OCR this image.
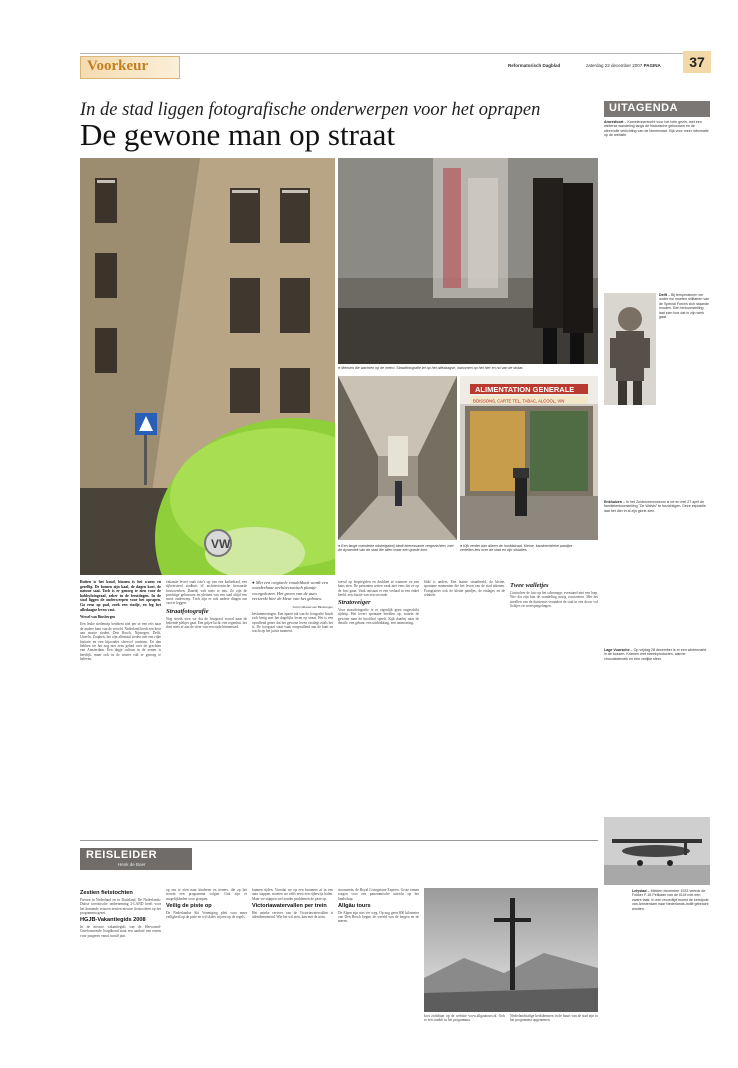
Voorkeur	Reformatorisch Dagblad	zaterdag 22 december 2007 PAGINA	37
In de stad liggen fotografische onderwerpen voor het oprapen
De gewone man op straat
VW
ALIMENTATION GENERALE
BOISSONS, CARTE TEL, TABAC, ALCOOL, VIN
● Mensen die wachten op de metro. Straatfotografie let op het alledaagse, inzoomen op het hier en nu van de straat.
● Een lange overdekte winkelgalerij biedt interessante vergezichten, met de dynamiek van de stad die allen maar een goede kom.
● Kijk verder dan alleen de hoofdstraat. Kleine, karakteristieke pandjes vertellen iets over de stad en zijn situaties.

Buiten is het koud, binnen is het warm en gezellig. De bomen zijn kaal, de dagen kort, de natuur saai. Toch is er genoeg te zien voor de hobbyfotograaf, zeker in de feestdagen. In de stad liggen de onderwerpen voor het oprapen. Ga eens op pad, zoek een stadje, en leg het alledaagse leven vast.

Wessel van Binsbergen

Een leuke stedentrip betekent niet per se een reis naar de andere kant van de wereld. Nederland biedt een keur aan mooie steden. Den Bosch, Nijmegen, Delft, Utrecht, Zutphen, het zijn allemaal steden met een rijke historie en een bijzonder sfeervol centrum. En dan hebben we het nog niet eens gehad over de grachten van Amsterdam. Een dagje cultuur in de zomer is heerlijk, maar ook in de winter valt er genoeg te beleven.

vakantie levert vaak foto's op van een kathedraal, een rijkversierd stadhuis of architectonische bewaarde bouwwerken. Daarbij valt niets te mis. Zo zijn de prachtige gebouwen en pleinen van een stad altijd een mooi onderwerp. Toch zijn er ook andere dingen om vast te leggen.

Straatfotografie

Nog steeds zien we dat de fotograaf vooral naar de bekende plekjes gaat. Een grijze lucht, een regenbui, het doet niets af aan de sfeer van een oude binnenstad.

● Met een originele vondeldoek wordt een wonderbaar architectonisch plaatje voorgekozen. Het groen van de auto versterkt hier de kleur van het gebouw.
Foto's Wessel van Binsbergen

beslommeringen. Een aparte tak van de fotografie houdt zich bezig met het dagelijks leven op straat. Het is een opvallend genre dat het gewone leven vastlegt zoals het is. De fotograaf staat vaak onopvallend aan de kant en wacht op het juiste moment.

toeval op bespiegelen en drukken af wanneer ze een kans zien. De passanten weten vaak niet eens dat ze op de foto gaan. Vaak ontstaat er een verhaal in een enkel beeld, een fractie van een seconde.

Stratoveiger

Voor straatfotografie is er eigenlijk geen ongeschikt tijdstip. Het levert spontane beelden op, waarin de gewone man de hoofdrol speelt. Kijk daarbij naar de details: een gebaar, een uitdrukking, een ontmoeting.

blikt is anders. Een laatste straatbeeld, de kleine, spontane momenten die het leven van de stad tekenen. Fotografeer ook de kleine pandjes, de etalages en de winkels.

Twee walletjes

Controleer de foto op het schermpje, eventueel met een loep. Wie dat zijn kan de wandeling rustig voortzetten. Met het invallen van de duisternis verandert de stad in een decor vol lichtjes en weerspiegelingen.

UITAGENDA

Amersfoort – Kameleonentocht voor het hele gezin, met een winterse wandeling langs de historische gebouwen en de sfeervolle verlichting van de binnenstad. Kijk voor meer informatie op de website.

Delft – Bij temperaturen ver onder nul moeten militairen van de Special Forces zich staande houden. Een tentoonstelling laat zien hoe dat in zijn werk gaat.

Enkhuizen – In het Zuiderzeemuseum is tot en met 27 april de familietentoonstelling "De Walvis" te bezichtigen. Deze expositie laat het dier in al zijn glorie zien.

Lage Vuursche – Op vrijdag 28 december is er een wintermarkt in de bossen. Kramen met streekproducten, warme chocolademelk en een vrolijke sfeer.

Lelystad – Midden december 1933 vertrok de Fokker F-18 Pelikaan van de KLM met een zware taak. In een recordtijd moest de kerstpost van Amsterdam naar Nederlands-Indië gebracht worden.

REISLEIDER
Henk de Boer
Zestien fietstochten

Fietsen in Nederland en in Duitsland. De Nederlands-Duitse toeristische onderneming 2-LAND heeft voor het komende seizoen zestien nieuwe fietstochten op het programma gezet.

HGJB-Vakantiegids 2008

In de nieuwe vakantiegids van de Hervormd-Gereformeerde Jeugdbond staat een aanbod van reizen voor jongeren vanaf twaalf jaar.

op om te zien naar kinderen en tieners, die op het terrein een programma volgen. Ook zijn er mogelijkheden voor groepen.

Veilig de piste op

De Nederlandse Ski Vereniging pleit voor meer veiligheid op de piste en wil skiërs wijzen op de regels.

kunnen rijden. Voordat we op een bronneer af in een auto stappen, moeten we zelfs eerst een rijbewijs halen. Maar we stappen wel zonder problemen de piste op.

Victoriawatervallen per trein

Het unieke vervoer van de Victoriawatervallen is adembenemend. Wie het wil zien, kan met de trein.

stoomtrein, de Royal Livingstone Express. Grote ramen zorgen voor een panoramische uitzicht op het landschap.

Allgäu tours

De Alpen zijn niet ver weg. Op nog geen 800 kilometer van Den Bosch begint de wereld van de bergen en de meren.

Foto Allgäu tours

kort zichtbaar op de website www.allgautours.nl. Ook er een rondrit in het programma.

Nederlandstalige kerkdiensten in de buurt van de stad zijn in het programma opgenomen.
